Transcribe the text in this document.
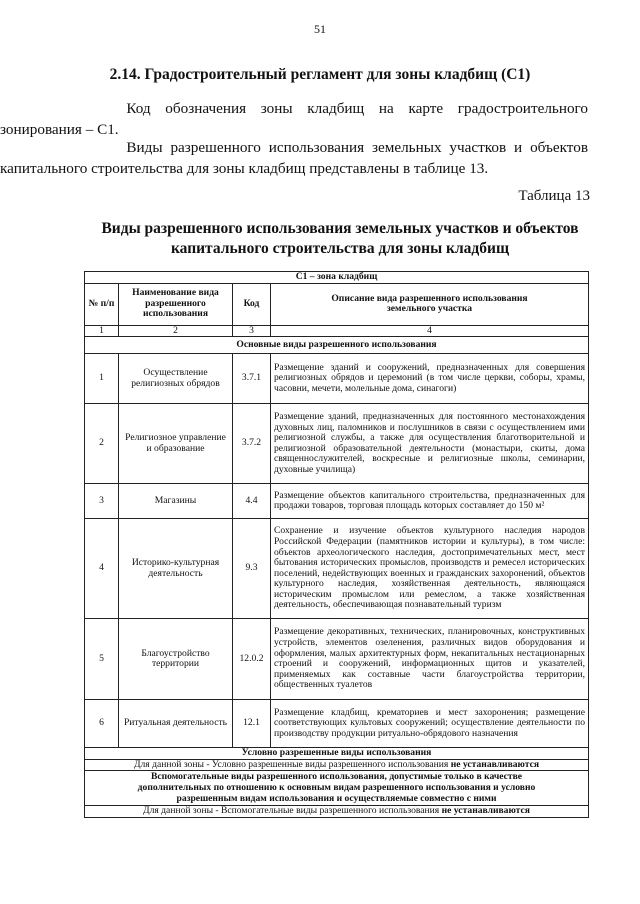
51
2.14. Градостроительный регламент для зоны кладбищ (С1)

  Код обозначения зоны кладбищ на карте градостроительного
зонирования – С1.

  Виды разрешенного использования земельных участков и объектов
капитального строительства для зоны кладбищ представлены в таблице 13.

Таблица 13
Виды разрешенного использования земельных участков и объектов
капитального строительства для зоны кладбищ
С1 – зона кладбищ			
№ п/п	Наименование вида разрешенного использования	Код	Описание вида разрешенного использования земельного участка
1	2	3	4
Основные виды разрешенного использования			
1	Осуществление религиозных обрядов	3.7.1	Размещение зданий и сооружений, предназначенных для совершения религиозных обрядов и церемоний (в том числе церкви, соборы, храмы, часовни, мечети, молельные дома, синагоги)
2	Религиозное управление и образование	3.7.2	Размещение зданий, предназначенных для постоянного местонахождения духовных лиц, паломников и послушников в связи с осуществлением ими религиозной службы, а также для осуществления благотворительной и религиозной образовательной деятельности (монастыри, скиты, дома священнослужителей, воскресные и религиозные школы, семинарии, духовные училища)
3	Магазины	4.4	Размещение объектов капитального строительства, предназначенных для продажи товаров, торговая площадь которых составляет до 150 м²
4	Историко-культурная деятельность	9.3	Сохранение и изучение объектов культурного наследия народов Российской Федерации (памятников истории и культуры), в том числе: объектов археологического наследия, достопримечательных мест, мест бытования исторических промыслов, производств и ремесел исторических поселений, недействующих военных и гражданских захоронений, объектов культурного наследия, хозяйственная деятельность, являющаяся историческим промыслом или ремеслом, а также хозяйственная деятельность, обеспечивающая познавательный туризм
5	Благоустройство территории	12.0.2	Размещение декоративных, технических, планировочных, конструктивных устройств, элементов озеленения, различных видов оборудования и оформления, малых архитектурных форм, некапитальных нестационарных строений и сооружений, информационных щитов и указателей, применяемых как составные части благоустройства территории, общественных туалетов
6	Ритуальная деятельность	12.1	Размещение кладбищ, крематориев и мест захоронения; размещение соответствующих культовых сооружений; осуществление деятельности по производству продукции ритуально-обрядового назначения
Условно разрешенные виды использования			
Для данной зоны - Условно разрешенные виды разрешенного использования не устанавливаются			
Вспомогательные виды разрешенного использования, допустимые только в качестве дополнительных по отношению к основным видам разрешенного использования и условно разрешенным видам использования и осуществляемые совместно с ними			
Для данной зоны - Вспомогательные виды разрешенного использования не устанавливаются			
